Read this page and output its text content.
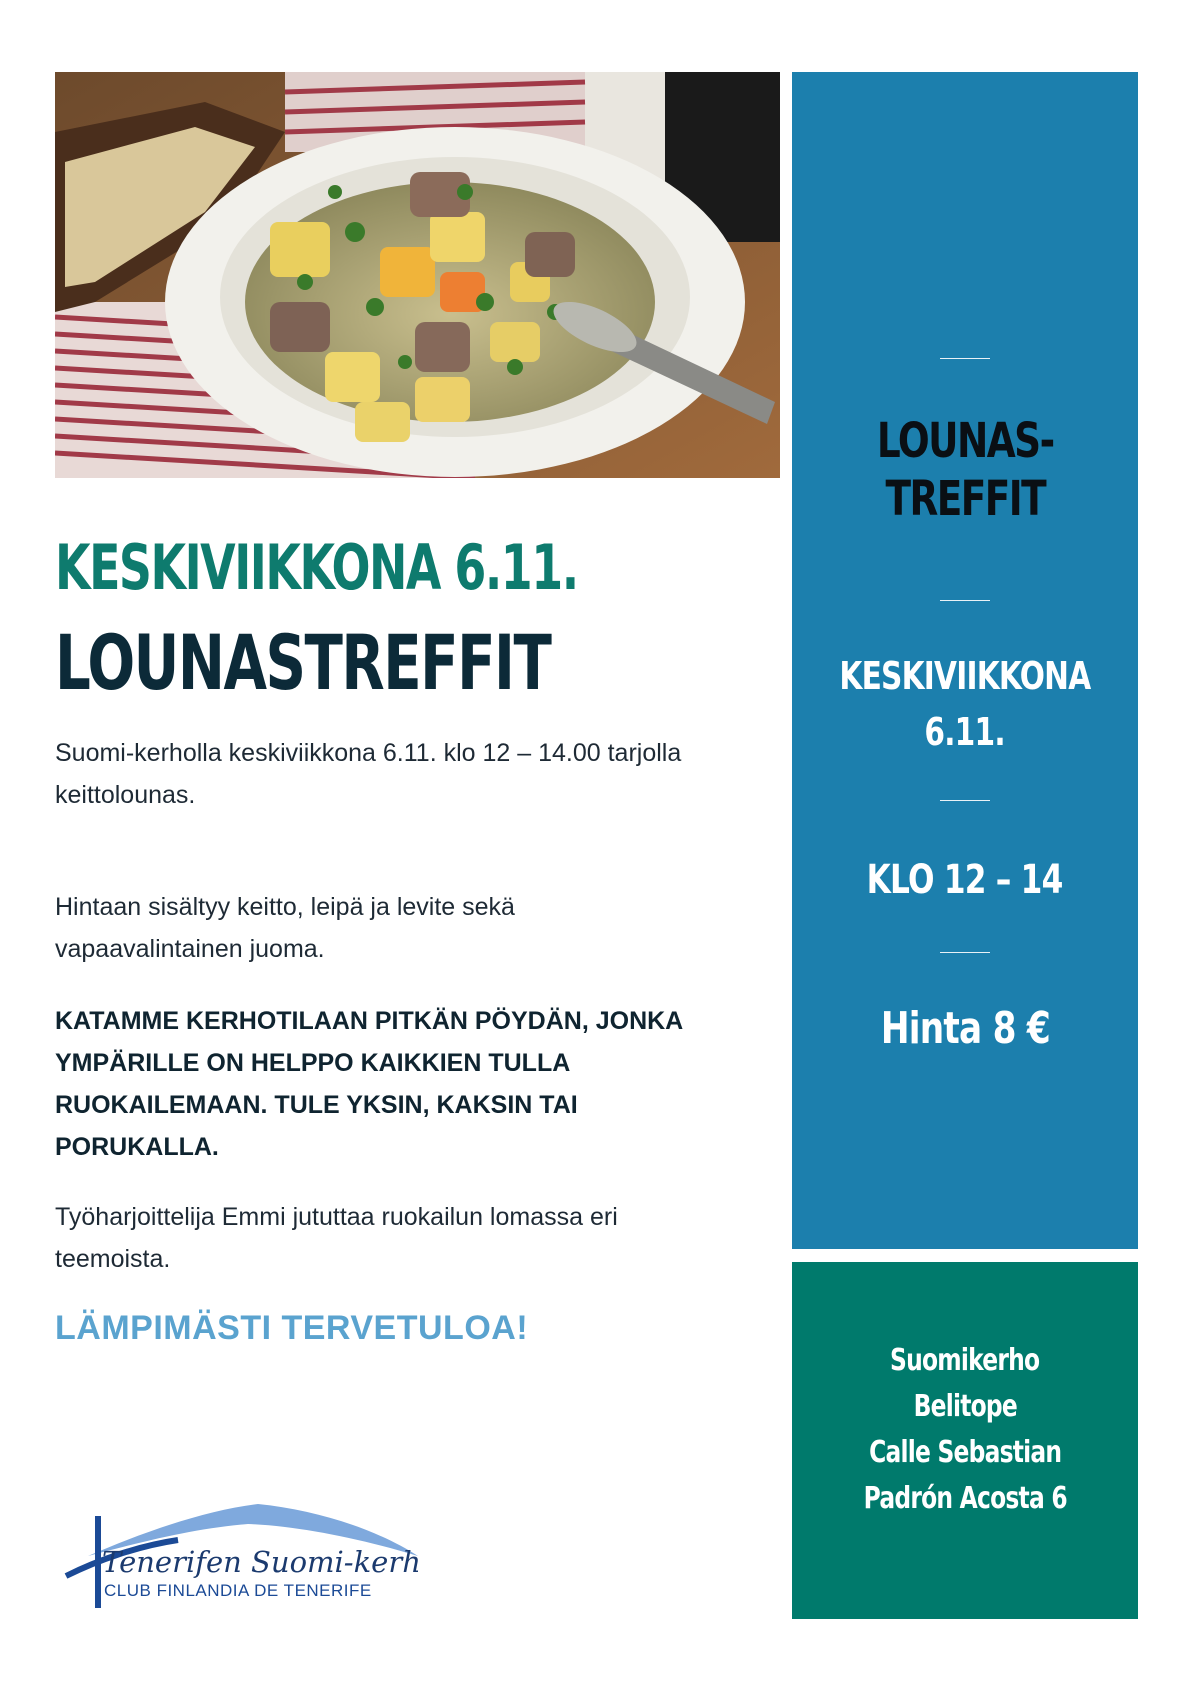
KESKIVIIKKONA 6.11.
LOUNASTREFFIT
Suomi-kerholla keskiviikkona 6.11. klo 12 – 14.00 tarjolla
keittolounas.
Hintaan sisältyy keitto, leipä ja levite sekä
vapaavalintainen juoma.
KATAMME KERHOTILAAN PITKÄN PÖYDÄN, JONKA
YMPÄRILLE ON HELPPO KAIKKIEN TULLA
RUOKAILEMAAN. TULE YKSIN, KAKSIN TAI
PORUKALLA.
Työharjoittelija Emmi jututtaa ruokailun lomassa eri
teemoista.
LÄMPIMÄSTI TERVETULOA!
Tenerifen Suomi-kerho
CLUB FINLANDIA DE TENERIFE
LOUNAS-
TREFFIT
KESKIVIIKKONA
6.11.
KLO 12 – 14
Hinta 8 €
Suomikerho
Belitope
Calle Sebastian
Padrón Acosta 6
